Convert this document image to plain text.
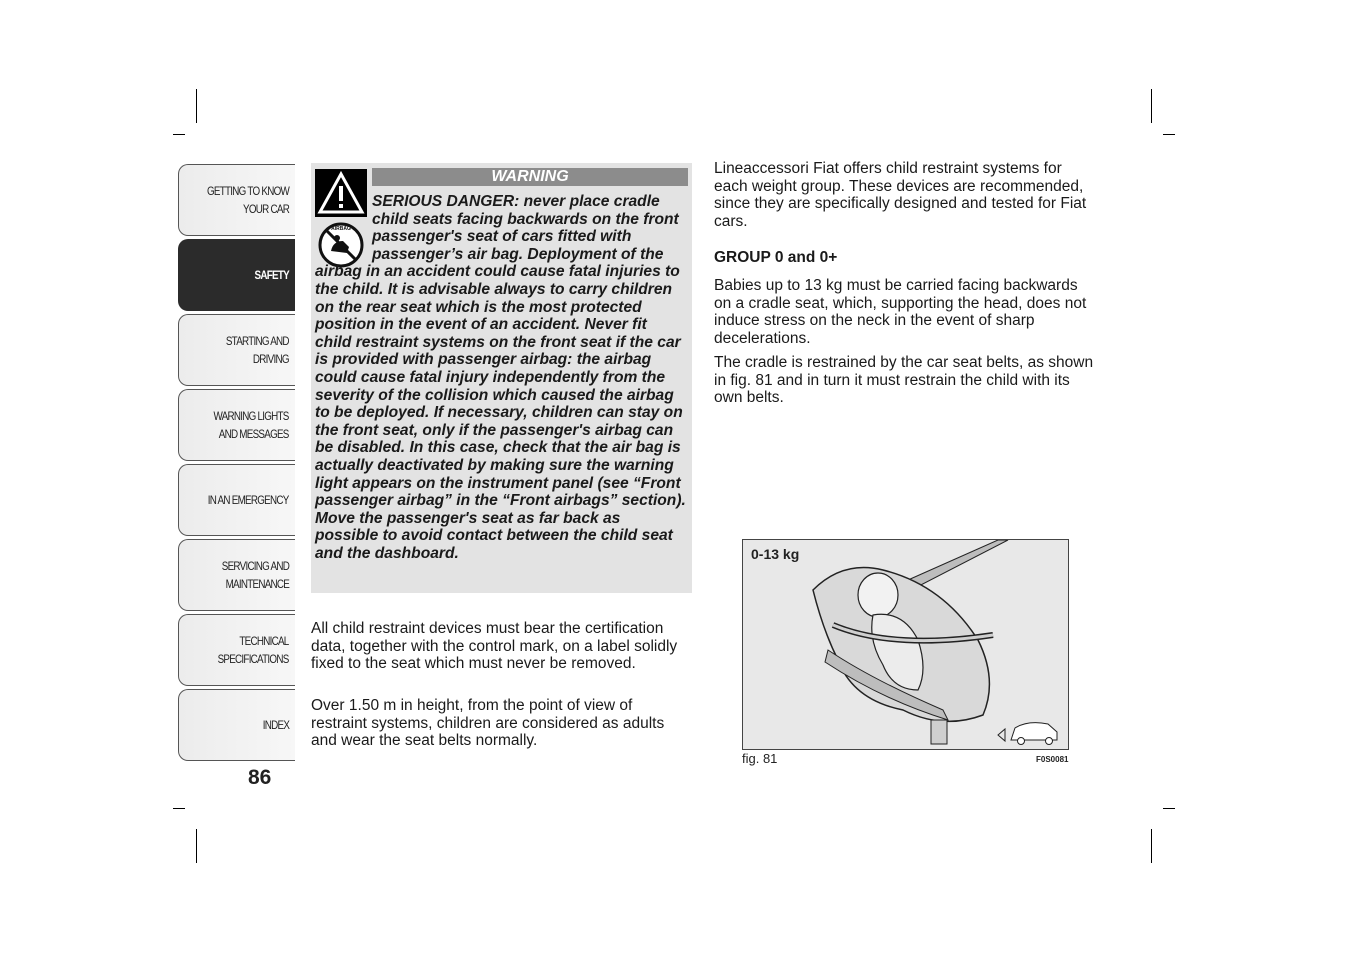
GETTING TO KNOW
YOUR CAR
SAFETY
STARTING AND
DRIVING
WARNING LIGHTS
AND MESSAGES
IN AN EMERGENCY
SERVICING AND
MAINTENANCE
TECHNICAL
SPECIFICATIONS
INDEX
86
WARNING
AIRBAG

SERIOUS DANGER: never place cradle child seats facing backwards on the front passenger's seat of cars fitted with passenger’s air bag. Deployment of the airbag in an accident could cause fatal injuries to the child. It is advisable always to carry children on the rear seat which is the most protected position in the event of an accident. Never fit child restraint systems on the front seat if the car is provided with passenger airbag: the airbag could cause fatal injury independently from the severity of the collision which caused the airbag to be deployed. If necessary, children can stay on the front seat, only if the passenger's airbag can be disabled. In this case, check that the air bag is actually deactivated by making sure the warning light appears on the instrument panel (see “Front passenger airbag” in the “Front airbags” section). Move the passenger's seat as far back as possible to avoid contact between the child seat and the dashboard.

All child restraint devices must bear the certification data, together with the control mark, on a label solidly fixed to the seat which must never be removed.

Over 1.50 m in height, from the point of view of restraint systems, children are considered as adults and wear the seat belts normally.

Lineaccessori Fiat offers child restraint systems for each weight group. These devices are recommended, since they are specifically designed and tested for Fiat cars.

GROUP 0 and 0+

Babies up to 13 kg must be carried facing backwards on a cradle seat, which, supporting the head, does not induce stress on the neck in the event of sharp decelerations.

The cradle is restrained by the car seat belts, as shown in fig. 81 and in turn it must restrain the child with its own belts.

0-13 kg
fig. 81	F0S0081
